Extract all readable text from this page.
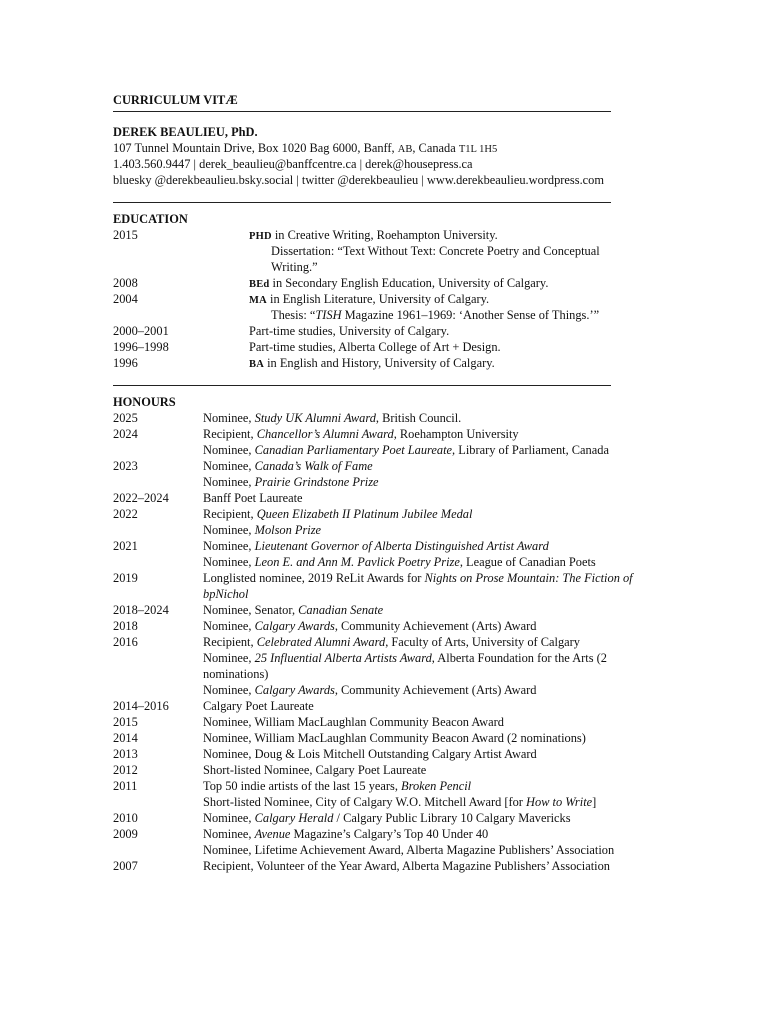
CURRICULUM VITÆ
DEREK BEAULIEU, PhD.
107 Tunnel Mountain Drive, Box 1020 Bag 6000, Banff, AB, Canada T1L 1H5
1.403.560.9447 | derek_beaulieu@banffcentre.ca | derek@housepress.ca
bluesky @derekbeaulieu.bsky.social | twitter @derekbeaulieu | www.derekbeaulieu.wordpress.com
EDUCATION
2015	PHD in Creative Writing, Roehampton University.
Dissertation: “Text Without Text: Concrete Poetry and Conceptual
Writing.”
2008	BEd in Secondary English Education, University of Calgary.
2004	MA in English Literature, University of Calgary.
Thesis: “TISH Magazine 1961–1969: ‘Another Sense of Things.’”
2000–2001	Part-time studies, University of Calgary.
1996–1998	Part-time studies, Alberta College of Art + Design.
1996	BA in English and History, University of Calgary.
HONOURS
2025	Nominee, Study UK Alumni Award, British Council.
2024	Recipient, Chancellor’s Alumni Award, Roehampton University
Nominee, Canadian Parliamentary Poet Laureate, Library of Parliament, Canada
2023	Nominee, Canada’s Walk of Fame
Nominee, Prairie Grindstone Prize
2022–2024	Banff Poet Laureate
2022	Recipient, Queen Elizabeth II Platinum Jubilee Medal
Nominee, Molson Prize
2021	Nominee, Lieutenant Governor of Alberta Distinguished Artist Award
Nominee, Leon E. and Ann M. Pavlick Poetry Prize, League of Canadian Poets
2019	Longlisted nominee, 2019 ReLit Awards for Nights on Prose Mountain: The Fiction of
bpNichol
2018–2024	Nominee, Senator, Canadian Senate
2018	Nominee, Calgary Awards, Community Achievement (Arts) Award
2016	Recipient, Celebrated Alumni Award, Faculty of Arts, University of Calgary
Nominee, 25 Influential Alberta Artists Award, Alberta Foundation for the Arts (2
nominations)
Nominee, Calgary Awards, Community Achievement (Arts) Award
2014–2016	Calgary Poet Laureate
2015	Nominee, William MacLaughlan Community Beacon Award
2014	Nominee, William MacLaughlan Community Beacon Award (2 nominations)
2013	Nominee, Doug & Lois Mitchell Outstanding Calgary Artist Award
2012	Short-listed Nominee, Calgary Poet Laureate
2011	Top 50 indie artists of the last 15 years, Broken Pencil
Short-listed Nominee, City of Calgary W.O. Mitchell Award [for How to Write]
2010	Nominee, Calgary Herald / Calgary Public Library 10 Calgary Mavericks
2009	Nominee, Avenue Magazine’s Calgary’s Top 40 Under 40
Nominee, Lifetime Achievement Award, Alberta Magazine Publishers’ Association
2007	Recipient, Volunteer of the Year Award, Alberta Magazine Publishers’ Association
